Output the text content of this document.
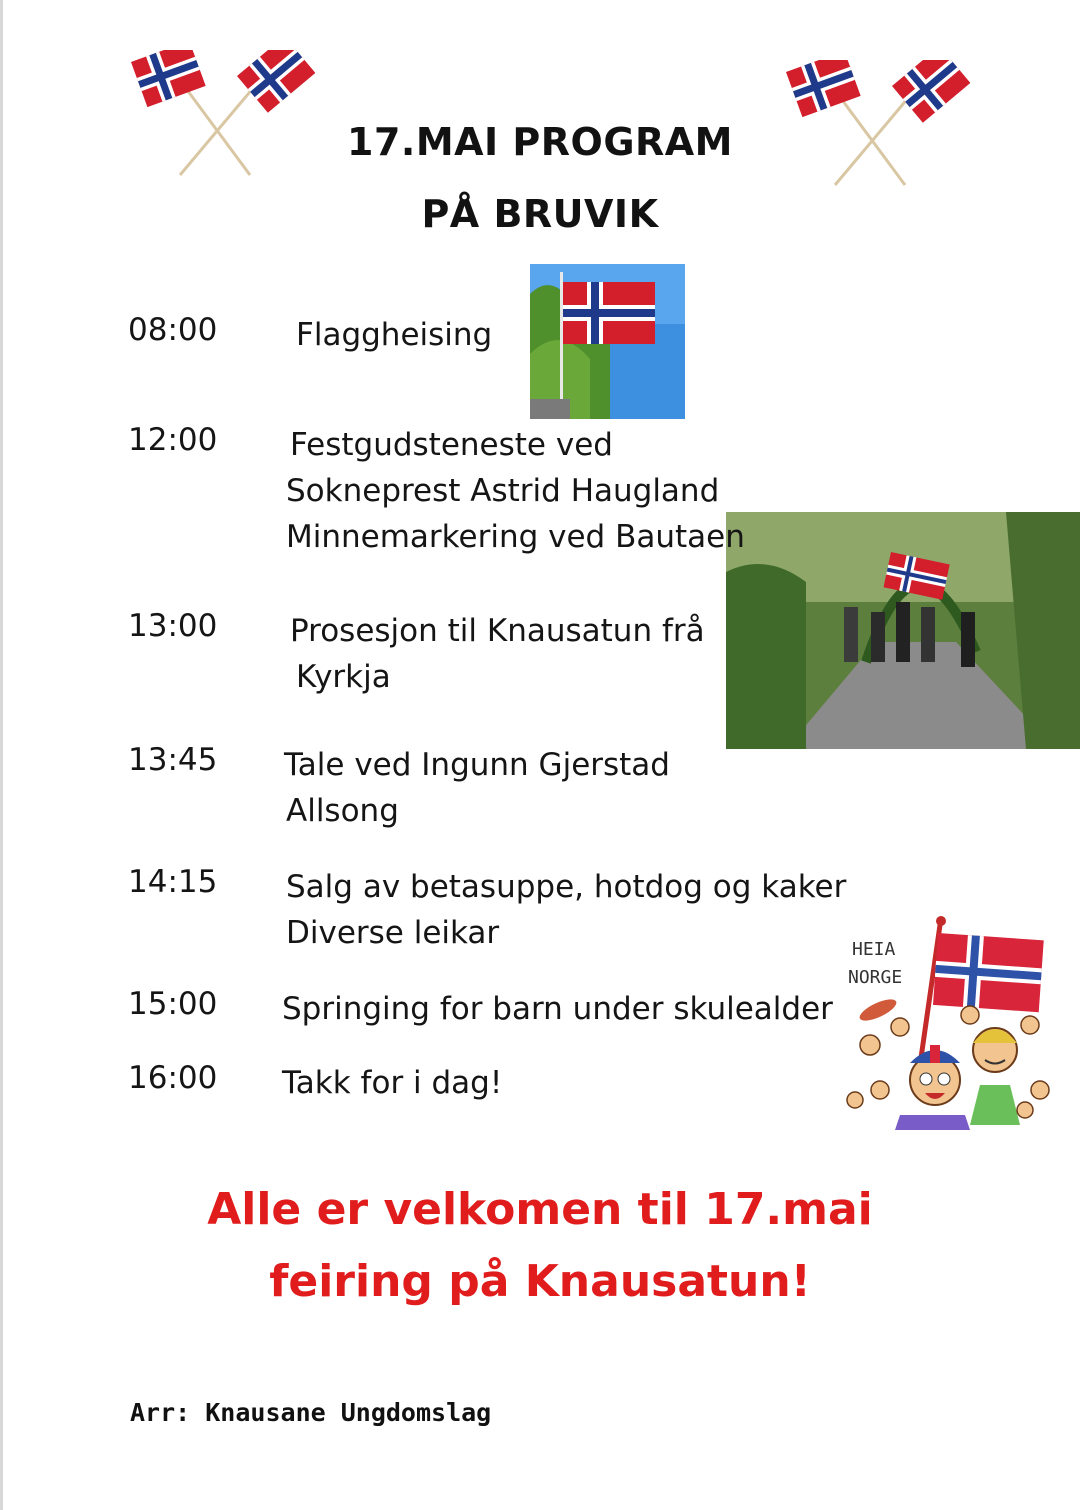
17.MAI PROGRAM
PÅ BRUVIK
08:00	Flaggheising
12:00 Festgudsteneste ved
Sokneprest Astrid Haugland
Minnemarkering ved Bautaen
13:00 Prosesjon til Knausatun frå
Kyrkja
13:45 Tale ved Ingunn Gjerstad
Allsong
14:15 Salg av betasuppe, hotdog og kaker
Diverse leikar
15:00 Springing for barn under skulealder
16:00 Takk for i dag!
HEIA
NORGE
Alle er velkomen til 17.mai
feiring på Knausatun!
Arr: Knausane Ungdomslag
